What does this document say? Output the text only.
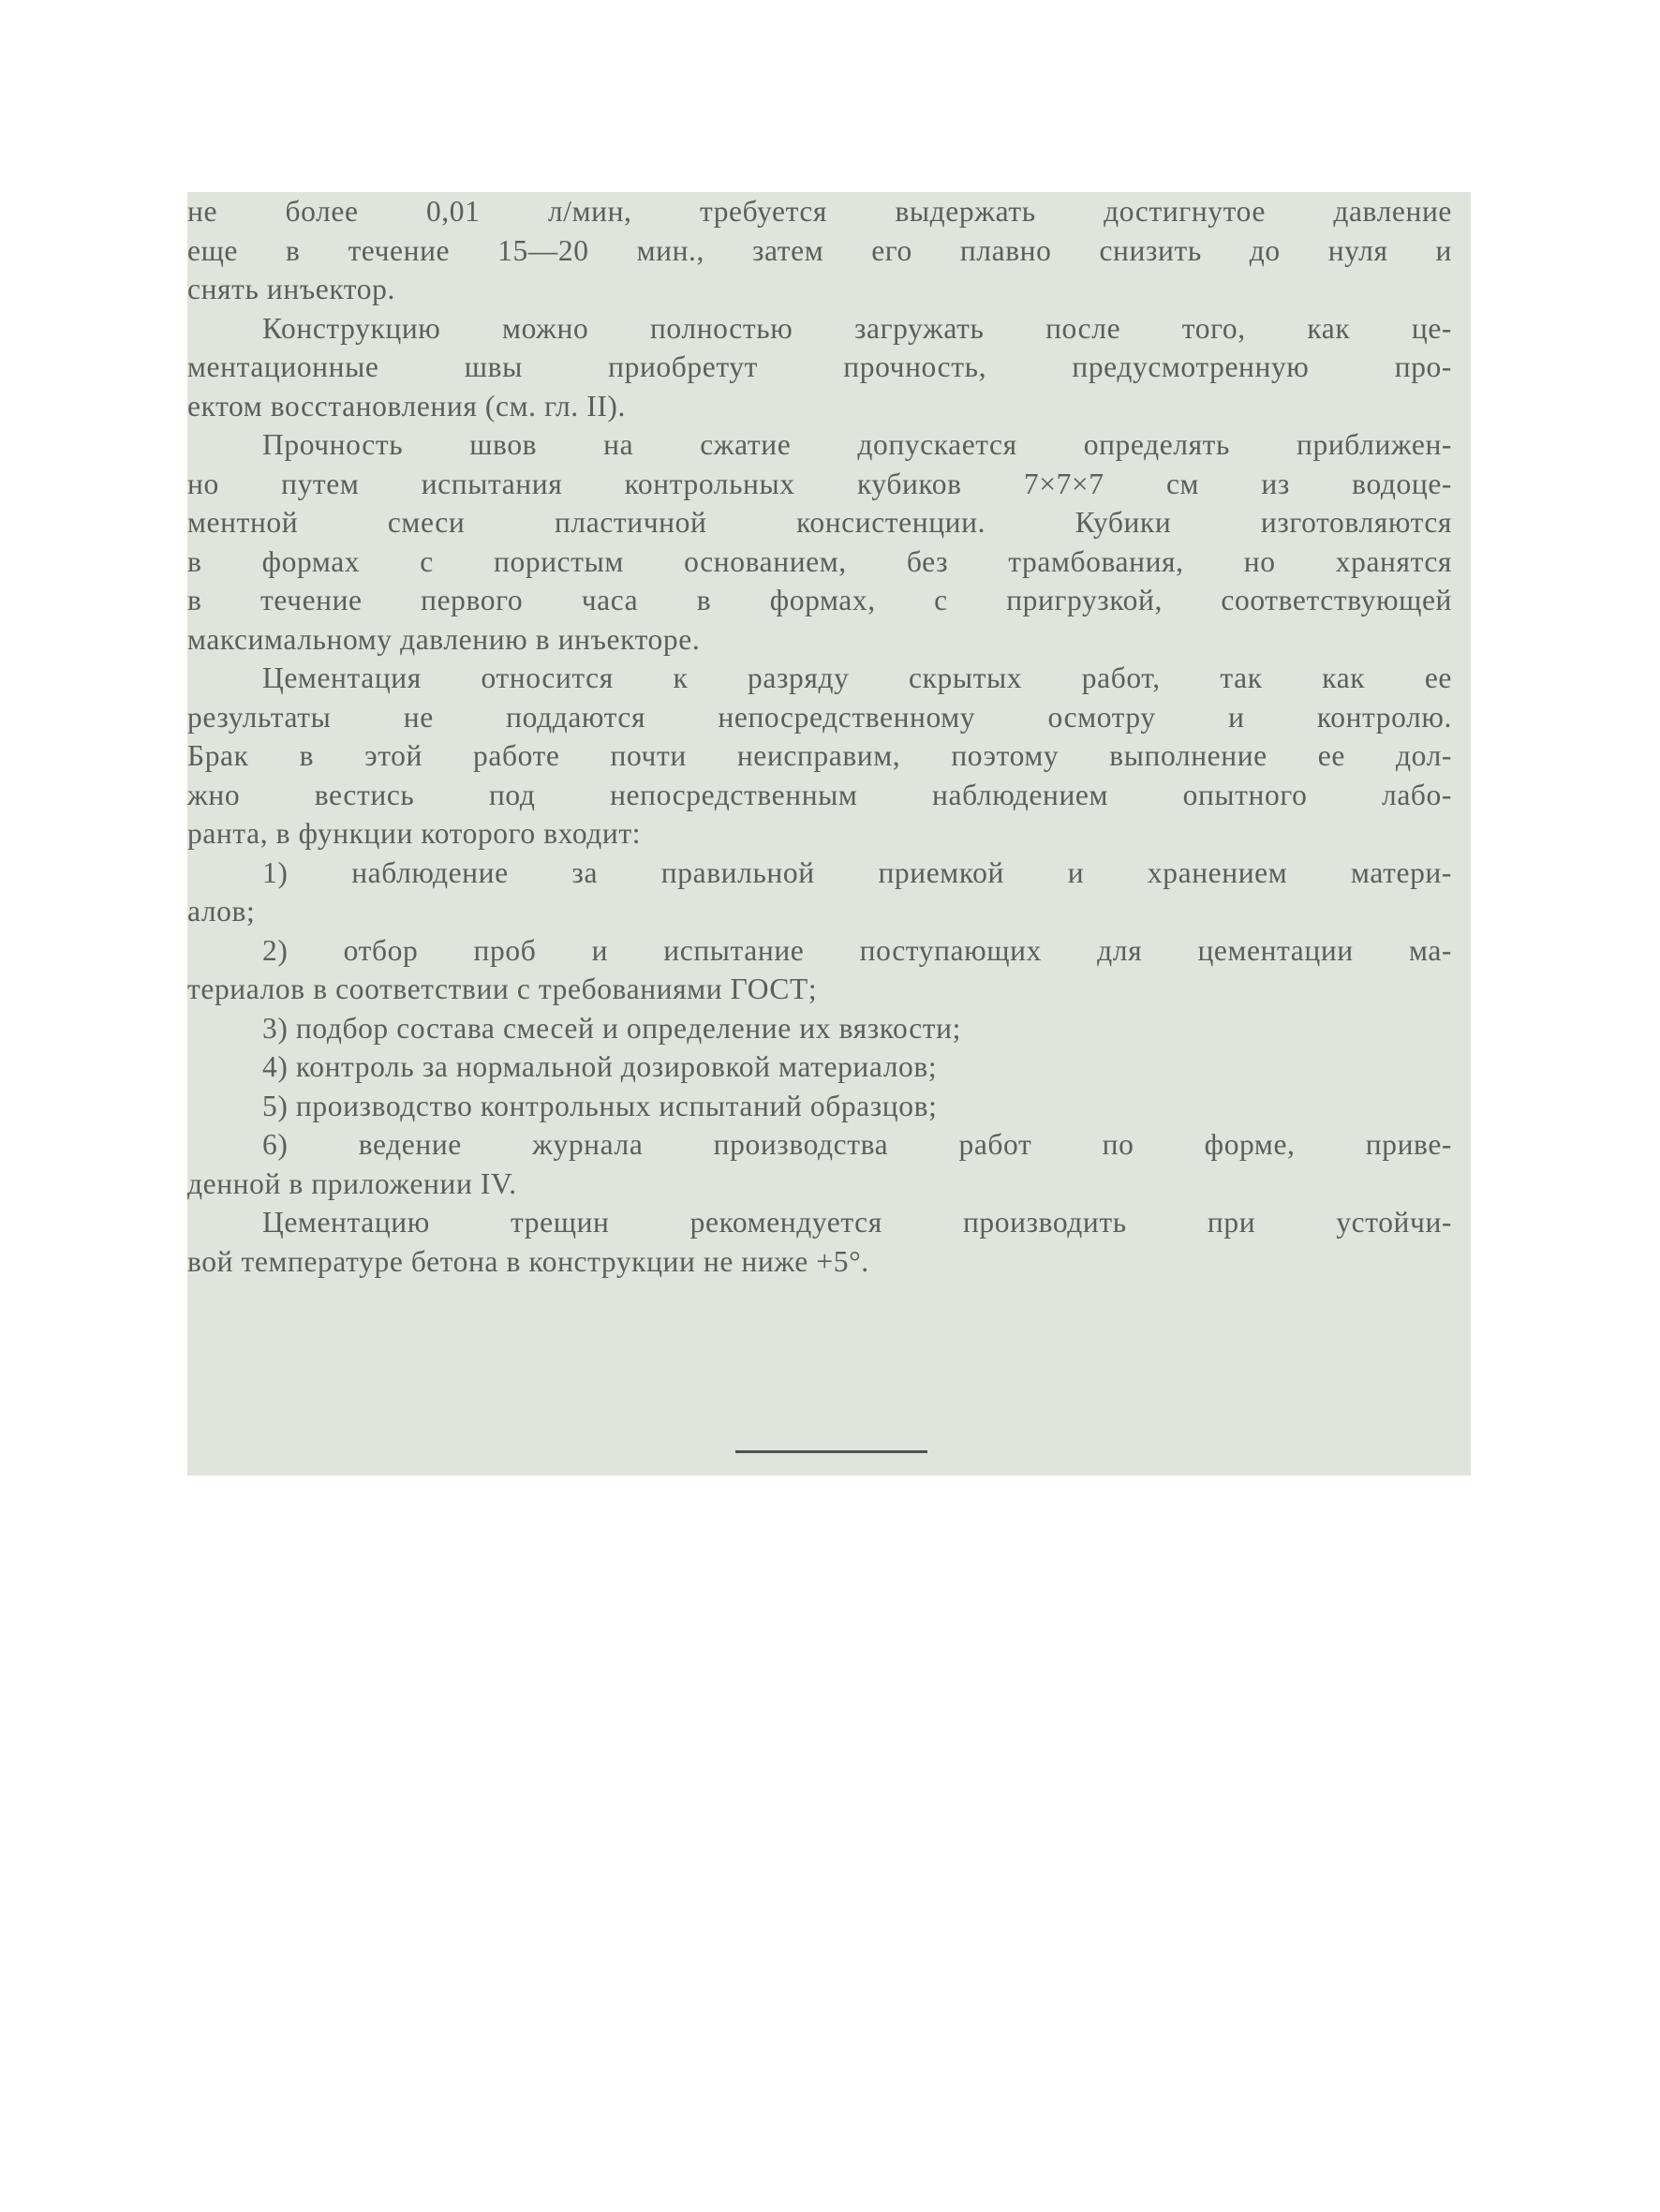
не более 0,01 л/мин, требуется выдержать достигнутое давление
еще в течение 15—20 мин., затем его плавно снизить до нуля и
снять инъектор.
Конструкцию можно полностью загружать после того, как це-
ментационные швы приобретут прочность, предусмотренную про-
ектом восстановления (см. гл. II).
Прочность швов на сжатие допускается определять приближен-
но путем испытания контрольных кубиков 7×7×7 см из водоце-
ментной смеси пластичной консистенции. Кубики изготовляются
в формах с пористым основанием, без трамбования, но хранятся
в течение первого часа в формах, с пригрузкой, соответствующей
максимальному давлению в инъекторе.
Цементация относится к разряду скрытых работ, так как ее
результаты не поддаются непосредственному осмотру и контролю.
Брак в этой работе почти неисправим, поэтому выполнение ее дол-
жно вестись под непосредственным наблюдением опытного лабо-
ранта, в функции которого входит:
1) наблюдение за правильной приемкой и хранением матери-
алов;
2) отбор проб и испытание поступающих для цементации ма-
териалов в соответствии с требованиями ГОСТ;
3) подбор состава смесей и определение их вязкости;
4) контроль за нормальной дозировкой материалов;
5) производство контрольных испытаний образцов;
6) ведение журнала производства работ по форме, приве-
денной в приложении IV.
Цементацию трещин рекомендуется производить при устойчи-
вой температуре бетона в конструкции не ниже +5°.
